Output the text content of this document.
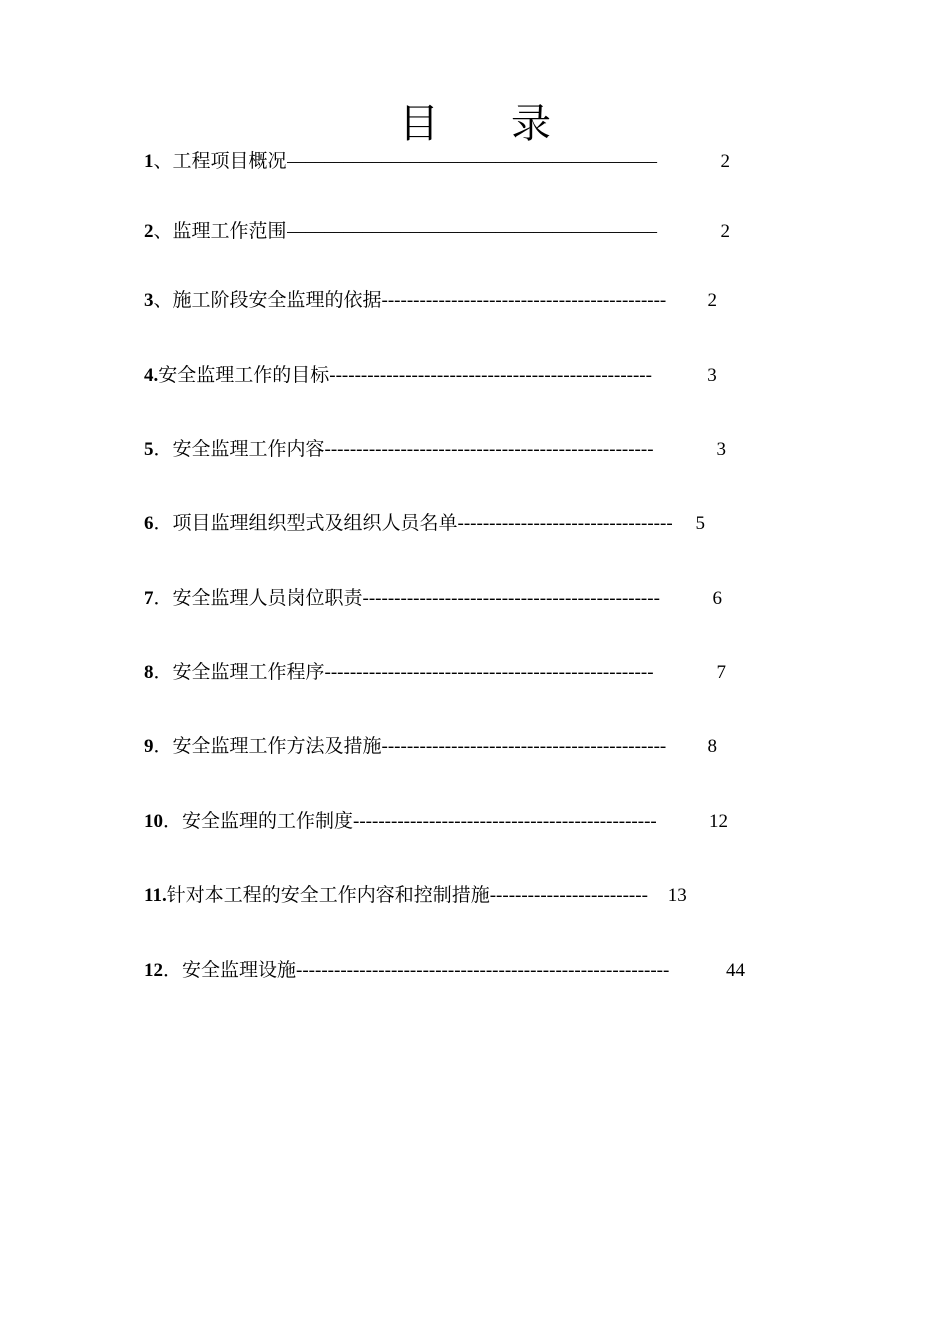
目 录
1 、 工程项目概况 –––––––––––––––––––––––––––––––––––––––	2
2 、 监理工作范围 –––––––––––––––––––––––––––––––––––––––	2
3 、 施工阶段安全监理的依据 ---------------------------------------------	2
4. 安全监理工作的目标 ---------------------------------------------------	3
5 ． 安全监理工作内容 ----------------------------------------------------	3
6 ． 项目监理组织型式及组织人员名单 ----------------------------------	5
7 ． 安全监理人员岗位职责 -----------------------------------------------	6
8 ． 安全监理工作程序 ----------------------------------------------------	7
9 ． 安全监理工作方法及措施 ---------------------------------------------	8
10 ． 安全监理的工作制度 ------------------------------------------------	12
11. 针对本工程的安全工作内容和控制措施 -------------------------	13
12 ． 安全监理设施 -----------------------------------------------------------	44
